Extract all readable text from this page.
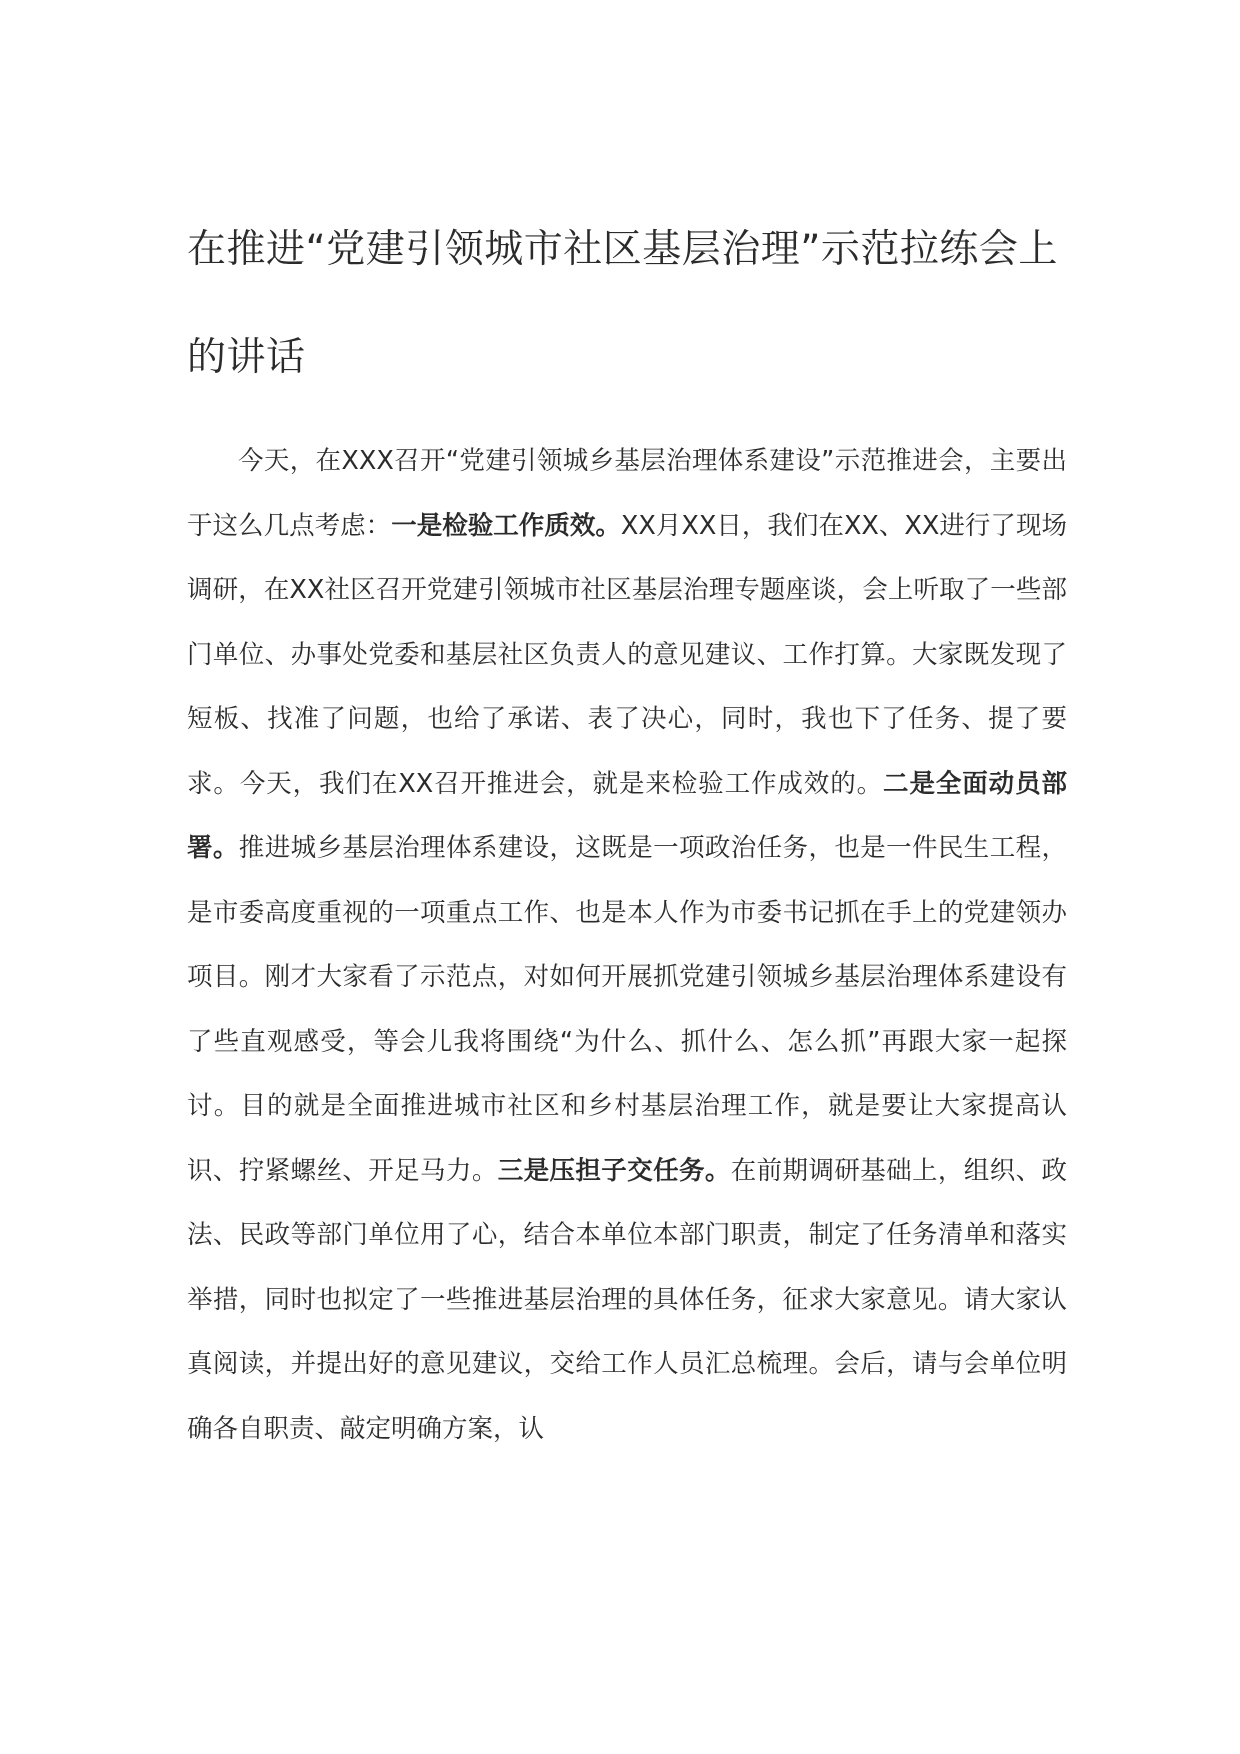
在推进“党建引领城市社区基层治理”示范拉练会上的讲话

今天，在XXX召开“党建引领城乡基层治理体系建设”示范推进会，主要出于这么几点考虑：一是检验工作质效。XX月XX日，我们在XX、XX进行了现场调研，在XX社区召开党建引领城市社区基层治理专题座谈，会上听取了一些部门单位、办事处党委和基层社区负责人的意见建议、工作打算。大家既发现了短板、找准了问题，也给了承诺、表了决心，同时，我也下了任务、提了要求。今天，我们在XX召开推进会，就是来检验工作成效的。二是全面动员部署。推进城乡基层治理体系建设，这既是一项政治任务，也是一件民生工程，是市委高度重视的一项重点工作、也是本人作为市委书记抓在手上的党建领办项目。刚才大家看了示范点，对如何开展抓党建引领城乡基层治理体系建设有了些直观感受，等会儿我将围绕“为什么、抓什么、怎么抓”再跟大家一起探讨。目的就是全面推进城市社区和乡村基层治理工作，就是要让大家提高认识、拧紧螺丝、开足马力。三是压担子交任务。在前期调研基础上，组织、政法、民政等部门单位用了心，结合本单位本部门职责，制定了任务清单和落实举措，同时也拟定了一些推进基层治理的具体任务，征求大家意见。请大家认真阅读，并提出好的意见建议，交给工作人员汇总梳理。会后，请与会单位明确各自职责、敲定明确方案，认
